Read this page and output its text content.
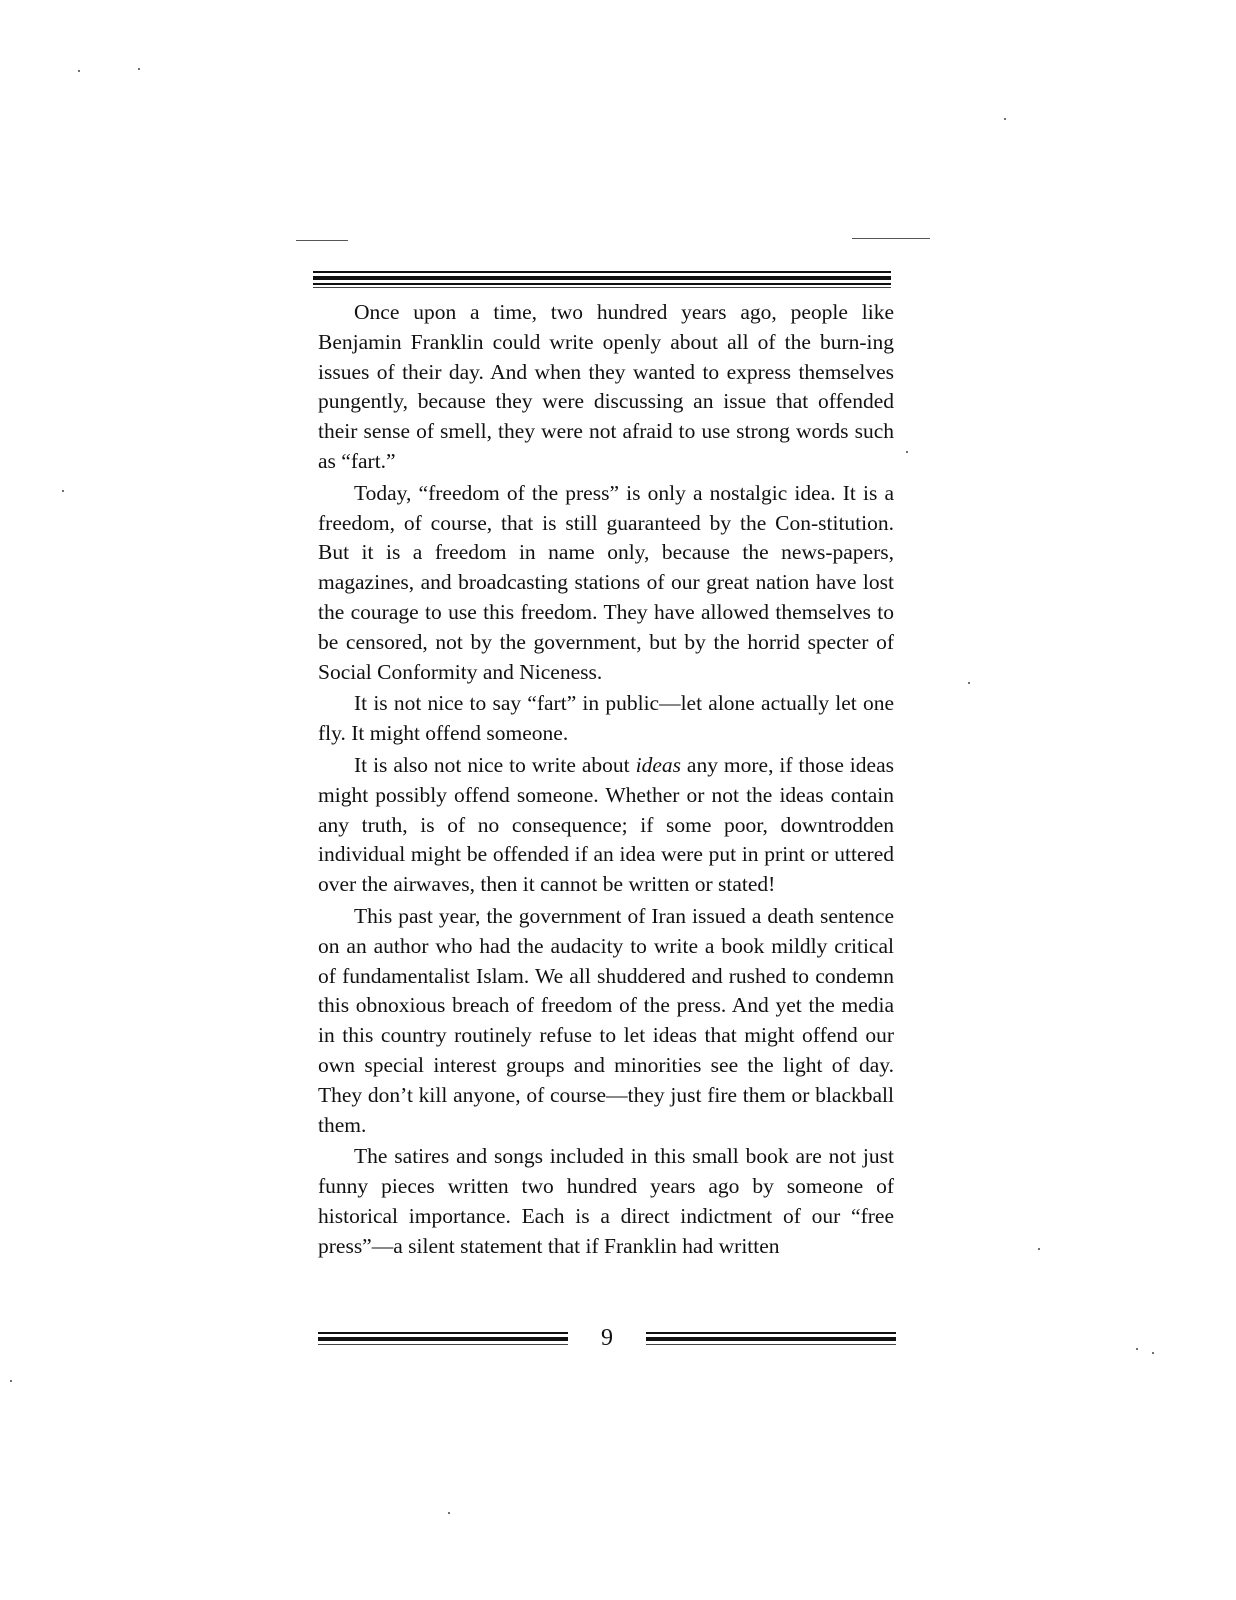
Once upon a time, two hundred years ago, people like Benjamin Franklin could write openly about all of the burn-ing issues of their day. And when they wanted to express themselves pungently, because they were discussing an issue that offended their sense of smell, they were not afraid to use strong words such as “fart.”

Today, “freedom of the press” is only a nostalgic idea. It is a freedom, of course, that is still guaranteed by the Con-stitution. But it is a freedom in name only, because the news-papers, magazines, and broadcasting stations of our great nation have lost the courage to use this freedom. They have allowed themselves to be censored, not by the government, but by the horrid specter of Social Conformity and Niceness.

It is not nice to say “fart” in public—let alone actually let one fly. It might offend someone.

It is also not nice to write about ideas any more, if those ideas might possibly offend someone. Whether or not the ideas contain any truth, is of no consequence; if some poor, downtrodden individual might be offended if an idea were put in print or uttered over the airwaves, then it cannot be written or stated!

This past year, the government of Iran issued a death sentence on an author who had the audacity to write a book mildly critical of fundamentalist Islam. We all shuddered and rushed to condemn this obnoxious breach of freedom of the press. And yet the media in this country routinely refuse to let ideas that might offend our own special interest groups and minorities see the light of day. They don’t kill anyone, of course—they just fire them or blackball them.

The satires and songs included in this small book are not just funny pieces written two hundred years ago by someone of historical importance. Each is a direct indictment of our “free press”—a silent statement that if Franklin had written

9
